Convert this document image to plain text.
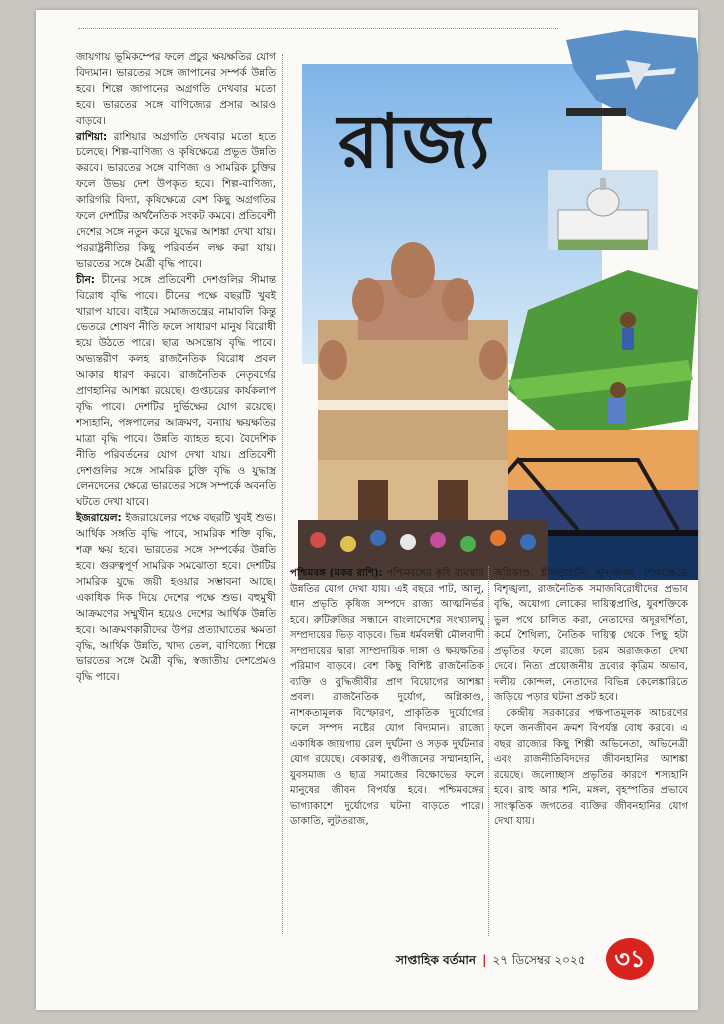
জায়গায় ভূমিকম্পের ফলে প্রচুর ক্ষয়ক্ষতির যোগ বিদ্যমান। ভারতের সঙ্গে জাপানের সম্পর্ক উন্নতি হবে। শিল্পে জাপানের অগ্রগতি দেখবার মতো হবে। ভারতের সঙ্গে বাণিজ্যের প্রসার আরও বাড়বে।

রাশিয়া: রাশিয়ার অগ্রগতি দেখবার মতো হতে চলেছে। শিল্প-বাণিজ্য ও কৃষিক্ষেত্রে প্রভূত উন্নতি করবে। ভারতের সঙ্গে বাণিজ্য ও সামরিক চুক্তির ফলে উভয় দেশ উপকৃত হবে। শিল্প-বাণিজ্য, কারিগরি বিদ্যা, কৃষিক্ষেত্রে বেশ কিছু অগ্রগতির ফলে দেশটির অর্থনৈতিক সংকট কমবে। প্রতিবেশী দেশের সঙ্গে নতুন করে যুদ্ধের আশঙ্কা দেখা যায়। পররাষ্ট্রনীতির কিছু পরিবর্তন লক্ষ করা যায়। ভারতের সঙ্গে মৈত্রী বৃদ্ধি পাবে।

চীন: চীনের সঙ্গে প্রতিবেশী দেশগুলির সীমান্ত বিরোধ বৃদ্ধি পাবে। চীনের পক্ষে বছরটি খুবই খারাপ যাবে। বাইরে সমাজতন্ত্রের নামাবলি কিন্তু ভেতরে শোষণ নীতি ফলে সাধারণ মানুষ বিরোধী হয়ে উঠতে পারে। ছাত্র অসন্তোষ বৃদ্ধি পাবে। অভ্যন্তরীণ কলহ রাজনৈতিক বিরোধ প্রবল আকার ধারণ করবে। রাজনৈতিক নেতৃবর্গের প্রাণহানির আশঙ্কা রয়েছে। গুপ্তচরের কার্যকলাপ বৃদ্ধি পাবে। দেশটির দুর্ভিক্ষের যোগ রয়েছে। শস্যহানি, পঙ্গপালের আক্রমণ, বন্যায় ক্ষয়ক্ষতির মাত্রা বৃদ্ধি পাবে। উন্নতি ব্যাহত হবে। বৈদেশিক নীতি পরিবর্তনের যোগ দেখা যায়। প্রতিবেশী দেশগুলির সঙ্গে সামরিক চুক্তি বৃদ্ধি ও যুদ্ধাস্ত্র লেনদেনের ক্ষেত্রে ভারতের সঙ্গে সম্পর্কে অবনতি ঘটতে দেখা যাবে।

ইজরায়েল: ইজরায়েলের পক্ষে বছরটি খুবই শুভ। আর্থিক সঙ্গতি বৃদ্ধি পাবে, সামরিক শক্তি বৃদ্ধি, শত্রু ক্ষয় হবে। ভারতের সঙ্গে সম্পর্কের উন্নতি হবে। গুরুত্বপূর্ণ সামরিক সমঝোতা হবে। দেশটির সামরিক যুদ্ধে জয়ী হওয়ার সম্ভাবনা আছে। একাধিক দিক দিয়ে দেশের পক্ষে শুভ। বহুমুখী আক্রমণের সম্মুখীন হয়েও দেশের আর্থিক উন্নতি হবে। আক্রমণকারীদের উপর প্রত্যাঘাতের ক্ষমতা বৃদ্ধি, আর্থিক উন্নতি, খাদ্য তেল, বাণিজ্যে শিল্পে ভারতের সঙ্গে মৈত্রী বৃদ্ধি, স্বজাতীয় দেশপ্রেমও বৃদ্ধি পাবে।

রাজ্য

পশ্চিমবঙ্গ (মকর রাশি): পশ্চিমবঙ্গের কৃষি ব্যবস্থার উন্নতির যোগ দেখা যায়। এই বছরে পাট, আলু, ধান প্রভৃতি কৃষিজ সম্পদে রাজ্য আত্মনির্ভর হবে। রুটিরুজির সন্ধানে বাংলাদেশের সংখ্যালঘু সম্প্রদায়ের ভিড় বাড়বে। ভিন্ন ধর্মবলম্বী মৌলবাদী সম্প্রদায়ের দ্বারা সাম্প্রদায়িক দাঙ্গা ও ক্ষয়ক্ষতির পরিমাণ বাড়বে। বেশ কিছু বিশিষ্ট রাজনৈতিক ব্যক্তি ও বুদ্ধিজীবীর প্রাণ বিয়োগের আশঙ্কা প্রবল। রাজনৈতিক দুর্যোগ, অগ্নিকাণ্ড, নাশকতামূলক বিস্ফোরণ, প্রাকৃতিক দুর্যোগের ফলে সম্পদ নষ্টের যোগ বিদ্যমান। রাজ্যে একাধিক জায়গায় রেল দুর্ঘটনা ও সড়ক দুর্ঘটনার যোগ রয়েছে। বেকারত্ব, গুণীজনের সম্মানহানি, যুবসমাজ ও ছাত্র সমাজের বিক্ষোভের ফলে মানুষের জীবন বিপর্যস্ত হবে। পশ্চিমবঙ্গের ভাগ্যাকাশে দুর্যোগের ঘটনা বাড়তে পারে। ডাকাতি, লুটতরাজ,

অগ্নিকাণ্ড, শ্লীলতাহানি, খুন-জখম, শিক্ষাক্ষেত্রে বিশৃঙ্খলা, রাজনৈতিক সমাজবিরোধীদের প্রভাব বৃদ্ধি, অযোগ্য লোকের দায়িত্বপ্রাপ্তি, যুবশক্তিকে ভুল পথে চালিত করা, নেতাদের অদূরদর্শিতা, কর্মে শৈথিল্য, নৈতিক দায়িত্ব থেকে পিছু হটা প্রভৃতির ফলে রাজ্যে চরম অরাজকতা দেখা দেবে। নিত্য প্রয়োজনীয় দ্রব্যের কৃত্রিম অভাব, দলীয় কোন্দল, নেতাদের বিভিন্ন কেলেঙ্কারিতে জড়িয়ে পড়ার ঘটনা প্রকট হবে।

কেন্দ্রীয় সরকারের পক্ষপাতমূলক আচরণের ফলে জনজীবন ক্রমশ বিপর্যস্ত বোধ করবে। এ বছর রাজ্যের কিছু শিল্পী অভিনেতা, অভিনেত্রী এবং রাজনীতিবিদদের জীবনহানির আশঙ্কা রয়েছে। জলোচ্ছাস প্রভৃতির কারণে শস্যহানি হবে। রাহু আর শনি, মঙ্গল, বৃহস্পতির প্রভাবে সাংস্কৃতিক জগতের ব্যক্তির জীবনহানির যোগ দেখা যায়।

সাপ্তাহিক বর্তমান | ২৭ ডিসেম্বর ২০২৫	৩১
